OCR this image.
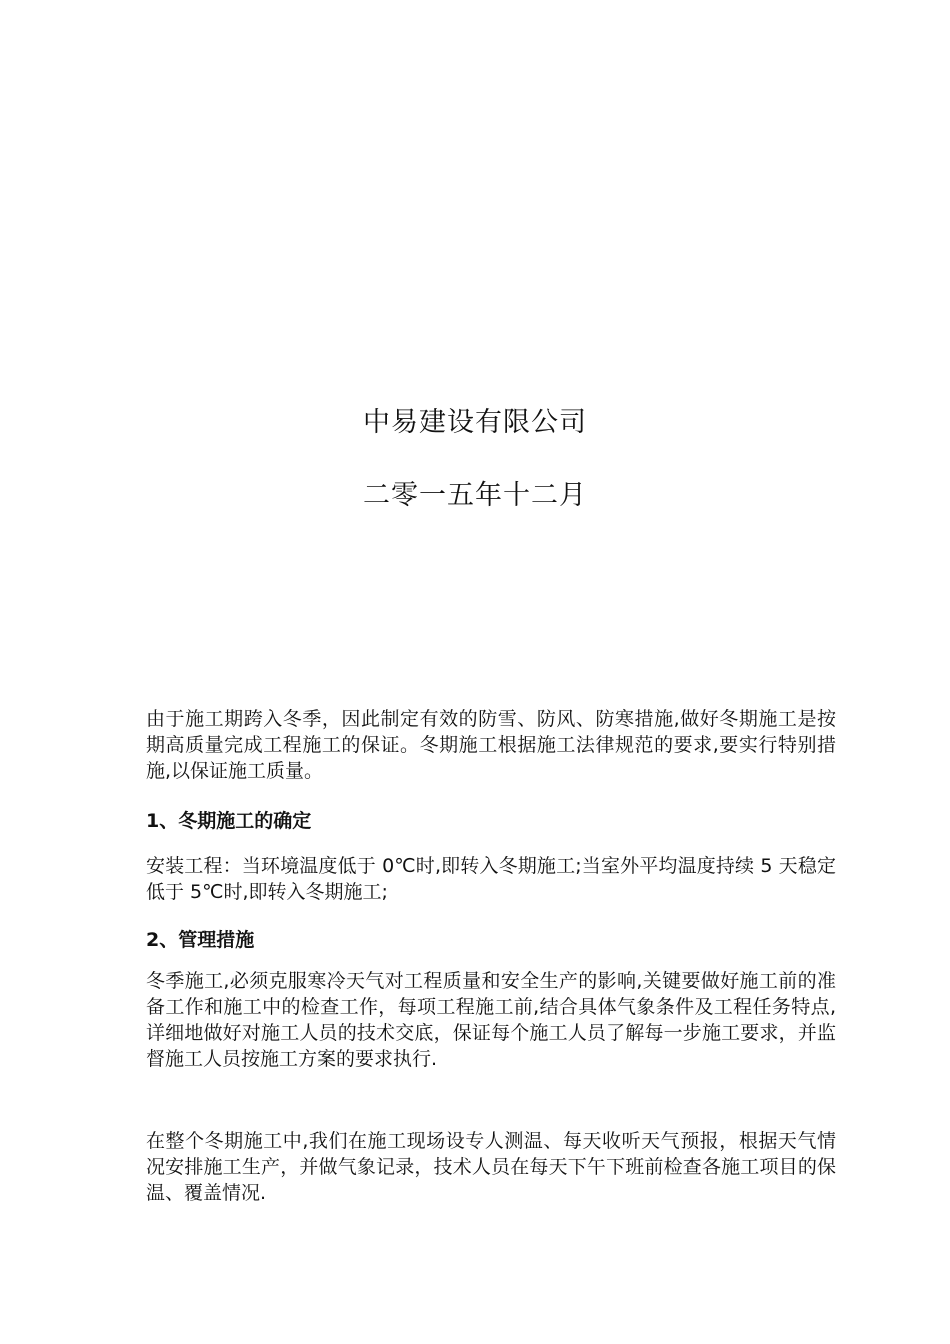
中易建设有限公司
二零一五年十二月

由于施工期跨入冬季，因此制定有效的防雪、防风、防寒措施,做好冬期施工是按期高质量完成工程施工的保证。冬期施工根据施工法律规范的要求,要实行特别措施,以保证施工质量。

1、冬期施工的确定

安装工程：当环境温度低于 0℃时,即转入冬期施工;当室外平均温度持续 5 天稳定低于 5℃时,即转入冬期施工;

2、管理措施

冬季施工,必须克服寒冷天气对工程质量和安全生产的影响,关键要做好施工前的准备工作和施工中的检查工作，每项工程施工前,结合具体气象条件及工程任务特点,详细地做好对施工人员的技术交底，保证每个施工人员了解每一步施工要求，并监督施工人员按施工方案的要求执行.

在整个冬期施工中,我们在施工现场设专人测温、每天收听天气预报，根据天气情况安排施工生产，并做气象记录，技术人员在每天下午下班前检查各施工项目的保温、覆盖情况.
